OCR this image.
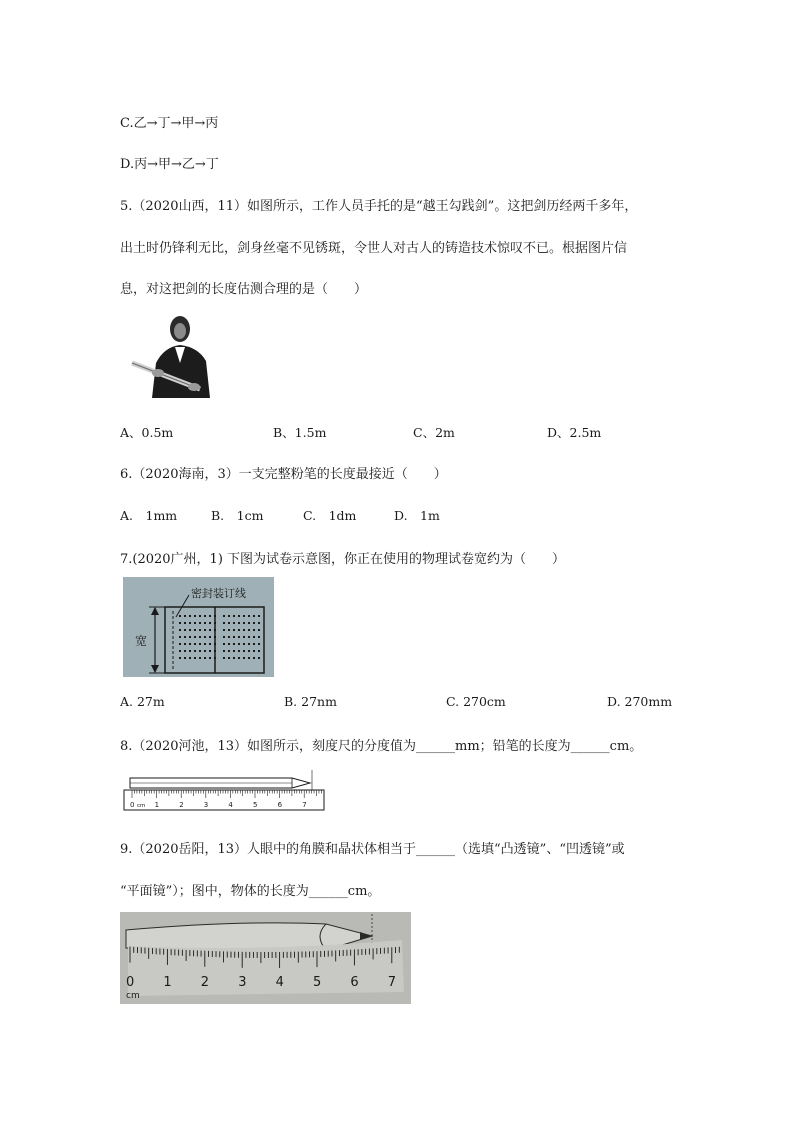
C.乙→丁→甲→丙
D.丙→甲→乙→丁
5.（2020山西，11）如图所示，工作人员手托的是“越王勾践剑”。这把剑历经两千多年，
出土时仍锋利无比，剑身丝毫不见锈斑，令世人对古人的铸造技术惊叹不已。根据图片信
息，对这把剑的长度估测合理的是（　　）
A、0.5m	B、1.5m	C、2m	D、2.5m
6.（2020海南，3）一支完整粉笔的长度最接近（　　）
A.　1mm	B.　1cm	C.　1dm	D.　1m
7.(2020广州，1) 下图为试卷示意图，你正在使用的物理试卷宽约为（　　）
密封装订线
宽
A. 27m	B. 27nm	C. 270cm	D. 270mm
8.（2020河池，13）如图所示，刻度尺的分度值为______mm；铅笔的长度为______cm。
0 cm 1	2	3	4	5	6	7
9.（2020岳阳，13）人眼中的角膜和晶状体相当于______（选填“凸透镜”、“凹透镜”或
“平面镜”）；图中，物体的长度为______cm。
0 1 2 3 4 5 6 7
cm
